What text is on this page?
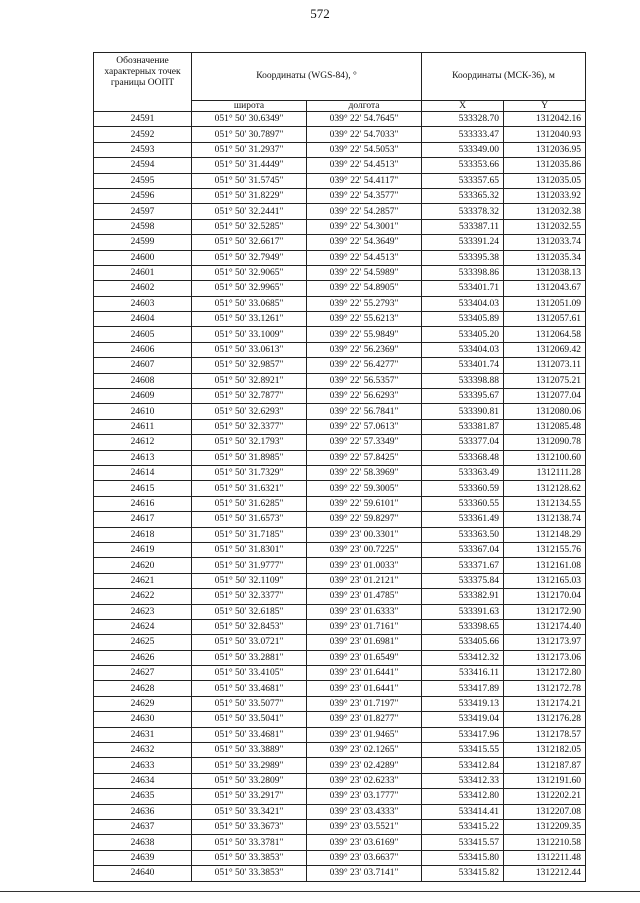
572
Обозначение характерных точек границы ООПТ	Координаты (WGS-84), °		Координаты (МСК-36), м	
	широта	долгота	X	Y
24591	051° 50' 30.6349"	039° 22' 54.7645"	533328.70	1312042.16
24592	051° 50' 30.7897"	039° 22' 54.7033"	533333.47	1312040.93
24593	051° 50' 31.2937"	039° 22' 54.5053"	533349.00	1312036.95
24594	051° 50' 31.4449"	039° 22' 54.4513"	533353.66	1312035.86
24595	051° 50' 31.5745"	039° 22' 54.4117"	533357.65	1312035.05
24596	051° 50' 31.8229"	039° 22' 54.3577"	533365.32	1312033.92
24597	051° 50' 32.2441"	039° 22' 54.2857"	533378.32	1312032.38
24598	051° 50' 32.5285"	039° 22' 54.3001"	533387.11	1312032.55
24599	051° 50' 32.6617"	039° 22' 54.3649"	533391.24	1312033.74
24600	051° 50' 32.7949"	039° 22' 54.4513"	533395.38	1312035.34
24601	051° 50' 32.9065"	039° 22' 54.5989"	533398.86	1312038.13
24602	051° 50' 32.9965"	039° 22' 54.8905"	533401.71	1312043.67
24603	051° 50' 33.0685"	039° 22' 55.2793"	533404.03	1312051.09
24604	051° 50' 33.1261"	039° 22' 55.6213"	533405.89	1312057.61
24605	051° 50' 33.1009"	039° 22' 55.9849"	533405.20	1312064.58
24606	051° 50' 33.0613"	039° 22' 56.2369"	533404.03	1312069.42
24607	051° 50' 32.9857"	039° 22' 56.4277"	533401.74	1312073.11
24608	051° 50' 32.8921"	039° 22' 56.5357"	533398.88	1312075.21
24609	051° 50' 32.7877"	039° 22' 56.6293"	533395.67	1312077.04
24610	051° 50' 32.6293"	039° 22' 56.7841"	533390.81	1312080.06
24611	051° 50' 32.3377"	039° 22' 57.0613"	533381.87	1312085.48
24612	051° 50' 32.1793"	039° 22' 57.3349"	533377.04	1312090.78
24613	051° 50' 31.8985"	039° 22' 57.8425"	533368.48	1312100.60
24614	051° 50' 31.7329"	039° 22' 58.3969"	533363.49	1312111.28
24615	051° 50' 31.6321"	039° 22' 59.3005"	533360.59	1312128.62
24616	051° 50' 31.6285"	039° 22' 59.6101"	533360.55	1312134.55
24617	051° 50' 31.6573"	039° 22' 59.8297"	533361.49	1312138.74
24618	051° 50' 31.7185"	039° 23' 00.3301"	533363.50	1312148.29
24619	051° 50' 31.8301"	039° 23' 00.7225"	533367.04	1312155.76
24620	051° 50' 31.9777"	039° 23' 01.0033"	533371.67	1312161.08
24621	051° 50' 32.1109"	039° 23' 01.2121"	533375.84	1312165.03
24622	051° 50' 32.3377"	039° 23' 01.4785"	533382.91	1312170.04
24623	051° 50' 32.6185"	039° 23' 01.6333"	533391.63	1312172.90
24624	051° 50' 32.8453"	039° 23' 01.7161"	533398.65	1312174.40
24625	051° 50' 33.0721"	039° 23' 01.6981"	533405.66	1312173.97
24626	051° 50' 33.2881"	039° 23' 01.6549"	533412.32	1312173.06
24627	051° 50' 33.4105"	039° 23' 01.6441"	533416.11	1312172.80
24628	051° 50' 33.4681"	039° 23' 01.6441"	533417.89	1312172.78
24629	051° 50' 33.5077"	039° 23' 01.7197"	533419.13	1312174.21
24630	051° 50' 33.5041"	039° 23' 01.8277"	533419.04	1312176.28
24631	051° 50' 33.4681"	039° 23' 01.9465"	533417.96	1312178.57
24632	051° 50' 33.3889"	039° 23' 02.1265"	533415.55	1312182.05
24633	051° 50' 33.2989"	039° 23' 02.4289"	533412.84	1312187.87
24634	051° 50' 33.2809"	039° 23' 02.6233"	533412.33	1312191.60
24635	051° 50' 33.2917"	039° 23' 03.1777"	533412.80	1312202.21
24636	051° 50' 33.3421"	039° 23' 03.4333"	533414.41	1312207.08
24637	051° 50' 33.3673"	039° 23' 03.5521"	533415.22	1312209.35
24638	051° 50' 33.3781"	039° 23' 03.6169"	533415.57	1312210.58
24639	051° 50' 33.3853"	039° 23' 03.6637"	533415.80	1312211.48
24640	051° 50' 33.3853"	039° 23' 03.7141"	533415.82	1312212.44
